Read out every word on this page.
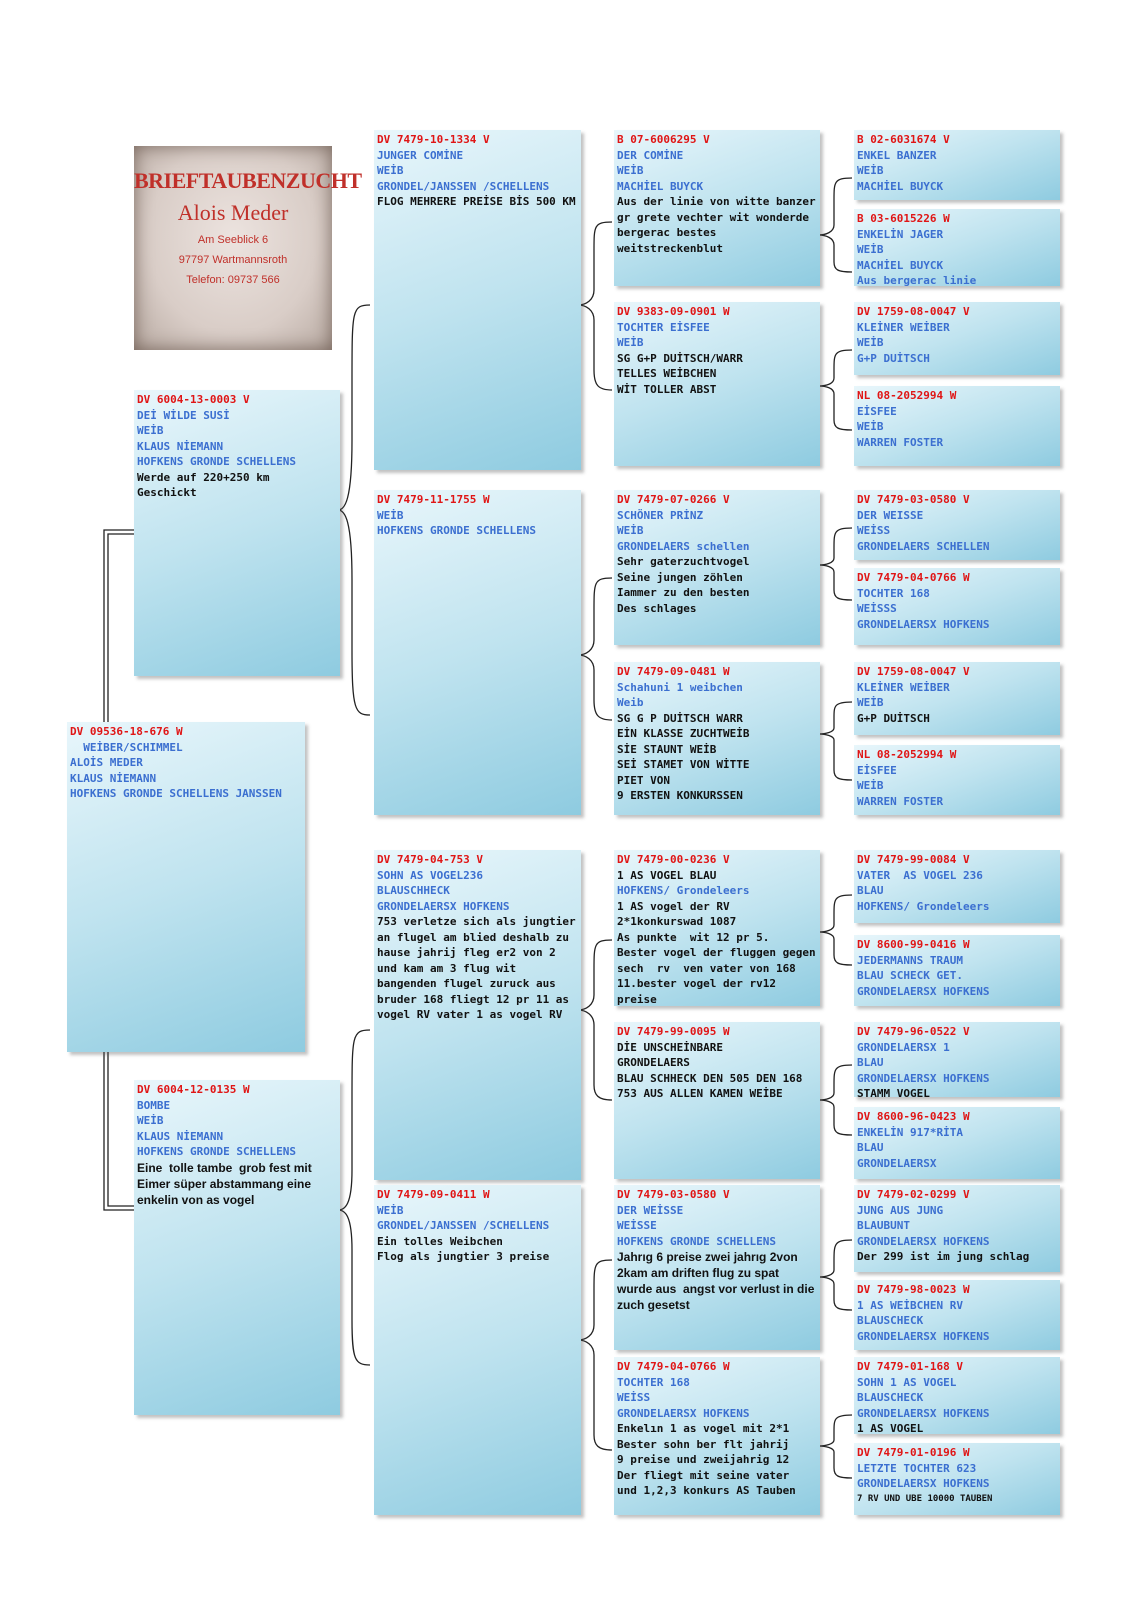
BRIEFTAUBENZUCHT
Alois Meder
Am Seeblick 6
97797 Wartmannsroth
Telefon: 09737 566
DV 09536-18-676 W
WEİBER/SCHIMMEL
ALOİS MEDER
KLAUS NİEMANN
HOFKENS GRONDE SCHELLENS JANSSEN
DV 6004-13-0003 V
DEİ WİLDE SUSİ
WEİB
KLAUS NİEMANN
HOFKENS GRONDE SCHELLENS
Werde auf 220+250 km
Geschickt
DV 6004-12-0135 W
BOMBE
WEİB
KLAUS NİEMANN
HOFKENS GRONDE SCHELLENS
Eine  tolle tambe  grob fest mit Eimer süper abstammang eine enkelin von as vogel
DV 7479-10-1334 V
JUNGER COMİNE
WEİB
GRONDEL/JANSSEN /SCHELLENS
FLOG MEHRERE PREİSE BİS 500 KM
DV 7479-11-1755 W
WEİB
HOFKENS GRONDE SCHELLENS
DV 7479-04-753 V
SOHN AS VOGEL236
BLAUSCHHECK
GRONDELAERSX HOFKENS
753 verletze sich als jungtier an flugel am blied deshalb zu hause jahrij fleg er2 von 2 und kam am 3 flug wit bangenden flugel zuruck aus  bruder 168 fliegt 12 pr 11 as vogel RV vater 1 as vogel RV
DV 7479-09-0411 W
WEİB
GRONDEL/JANSSEN /SCHELLENS
Ein tolles Weibchen
Flog als jungtier 3 preise
B 07-6006295 V
DER COMİNE
WEİB
MACHİEL BUYCK
Aus der linie von witte banzer gr grete vechter wit wonderde bergerac bestes weitstreckenblut
DV 9383-09-0901 W
TOCHTER EİSFEE
WEİB
SG G+P DUİTSCH/WARR
TELLES WEİBCHEN
WİT TOLLER ABST
DV 7479-07-0266 V
SCHÖNER PRİNZ
WEİB
GRONDELAERS schellen
Sehr gaterzuchtvogel
Seine jungen zöhlen
Iammer zu den besten
Des schlages
DV 7479-09-0481 W
Schahuni 1 weibchen
Weib
SG G P DUİTSCH WARR
EİN KLASSE ZUCHTWEİB
SİE STAUNT WEİB
SEİ STAMET VON WİTTE
PIET VON
9 ERSTEN KONKURSSEN
DV 7479-00-0236 V
1 AS VOGEL BLAU
HOFKENS/ Grondeleers
1 AS vogel der RV
2*1konkurswad 1087
As punkte  wit 12 pr 5.
Bester vogel der fluggen gegen sech  rv  ven vater von 168  11.bester vogel der rv12 preise
DV 7479-99-0095 W
DİE UNSCHEİNBARE
GRONDELAERS
BLAU SCHHECK DEN 505 DEN 168
753 AUS ALLEN KAMEN WEİBE
DV 7479-03-0580 V
DER WEİSSE
WEİSSE
HOFKENS GRONDE SCHELLENS
Jahrıg 6 preise zwei jahrıg 2von 2kam am driften flug zu spat wurde aus  angst vor verlust in die zuch gesetst
DV 7479-04-0766 W
TOCHTER 168
WEİSS
GRONDELAERSX HOFKENS
Enkelın 1 as vogel mit 2*1
Bester sohn ber flt jahrij
9 preise und zweijahrig 12
Der fliegt mit seine vater
und 1,2,3 konkurs AS Tauben
B 02-6031674 V
ENKEL BANZER
WEİB
MACHİEL BUYCK
B 03-6015226 W
ENKELİN JAGER
WEİB
MACHİEL BUYCK
Aus bergerac linie
DV 1759-08-0047 V
KLEİNER WEİBER
WEİB
G+P DUİTSCH
NL 08-2052994 W
EİSFEE
WEİB
WARREN FOSTER
DV 7479-03-0580 V
DER WEISSE
WEİSS
GRONDELAERS SCHELLEN
DV 7479-04-0766 W
TOCHTER 168
WEİSSS
GRONDELAERSX HOFKENS
DV 1759-08-0047 V
KLEİNER WEİBER
WEİB
G+P DUİTSCH
NL 08-2052994 W
EİSFEE
WEİB
WARREN FOSTER
DV 7479-99-0084 V
VATER  AS VOGEL 236
BLAU
HOFKENS/ Grondeleers
DV 8600-99-0416 W
JEDERMANNS TRAUM
BLAU SCHECK GET.
GRONDELAERSX HOFKENS
DV 7479-96-0522 V
GRONDELAERSX 1
BLAU
GRONDELAERSX HOFKENS
STAMM VOGEL
DV 8600-96-0423 W
ENKELİN 917*RİTA
BLAU
GRONDELAERSX
DV 7479-02-0299 V
JUNG AUS JUNG
BLAUBUNT
GRONDELAERSX HOFKENS
Der 299 ist im jung schlag
DV 7479-98-0023 W
1 AS WEİBCHEN RV
BLAUSCHECK
GRONDELAERSX HOFKENS
DV 7479-01-168 V
SOHN 1 AS VOGEL
BLAUSCHECK
GRONDELAERSX HOFKENS
1 AS VOGEL
DV 7479-01-0196 W
LETZTE TOCHTER 623
GRONDELAERSX HOFKENS
7 RV UND UBE 10000 TAUBEN
